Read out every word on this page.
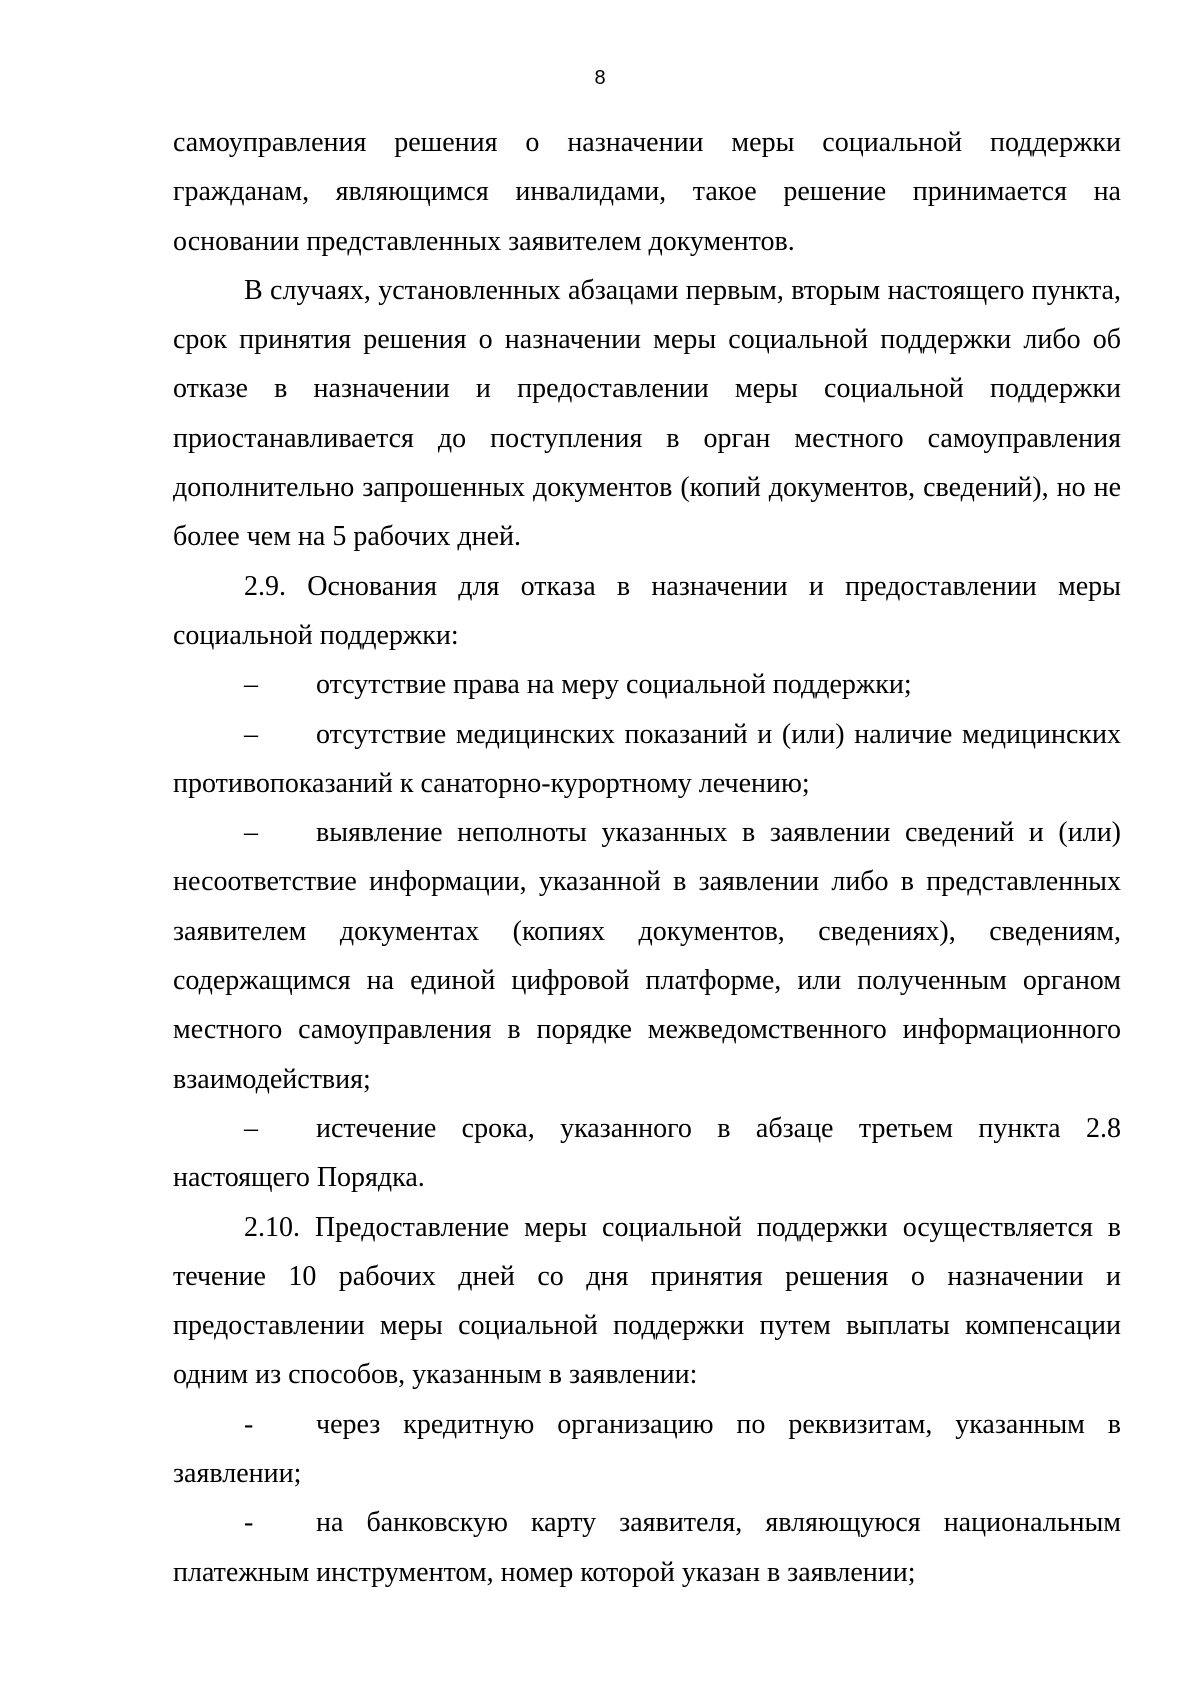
8

самоуправления решения о назначении меры социальной поддержки гражданам, являющимся инвалидами, такое решение принимается на основании представленных заявителем документов.

В случаях, установленных абзацами первым, вторым настоящего пункта, срок принятия решения о назначении меры социальной поддержки либо об отказе в назначении и предоставлении меры социальной поддержки приостанавливается до поступления в орган местного самоуправления дополнительно запрошенных документов (копий документов, сведений), но не более чем на 5 рабочих дней.

2.9. Основания для отказа в назначении и предоставлении меры социальной поддержки:

– отсутствие права на меру социальной поддержки;

– отсутствие медицинских показаний и (или) наличие медицинских противопоказаний к санаторно-курортному лечению;

– выявление неполноты указанных в заявлении сведений и (или) несоответствие информации, указанной в заявлении либо в представленных заявителем документах (копиях документов, сведениях), сведениям, содержащимся на единой цифровой платформе, или полученным органом местного самоуправления в порядке межведомственного информационного взаимодействия;

– истечение срока, указанного в абзаце третьем пункта 2.8 настоящего Порядка.

2.10. Предоставление меры социальной поддержки осуществляется в течение 10 рабочих дней со дня принятия решения о назначении и предоставлении меры социальной поддержки путем выплаты компенсации одним из способов, указанным в заявлении:

- через кредитную организацию по реквизитам, указанным в заявлении;

- на банковскую карту заявителя, являющуюся национальным платежным инструментом, номер которой указан в заявлении;
